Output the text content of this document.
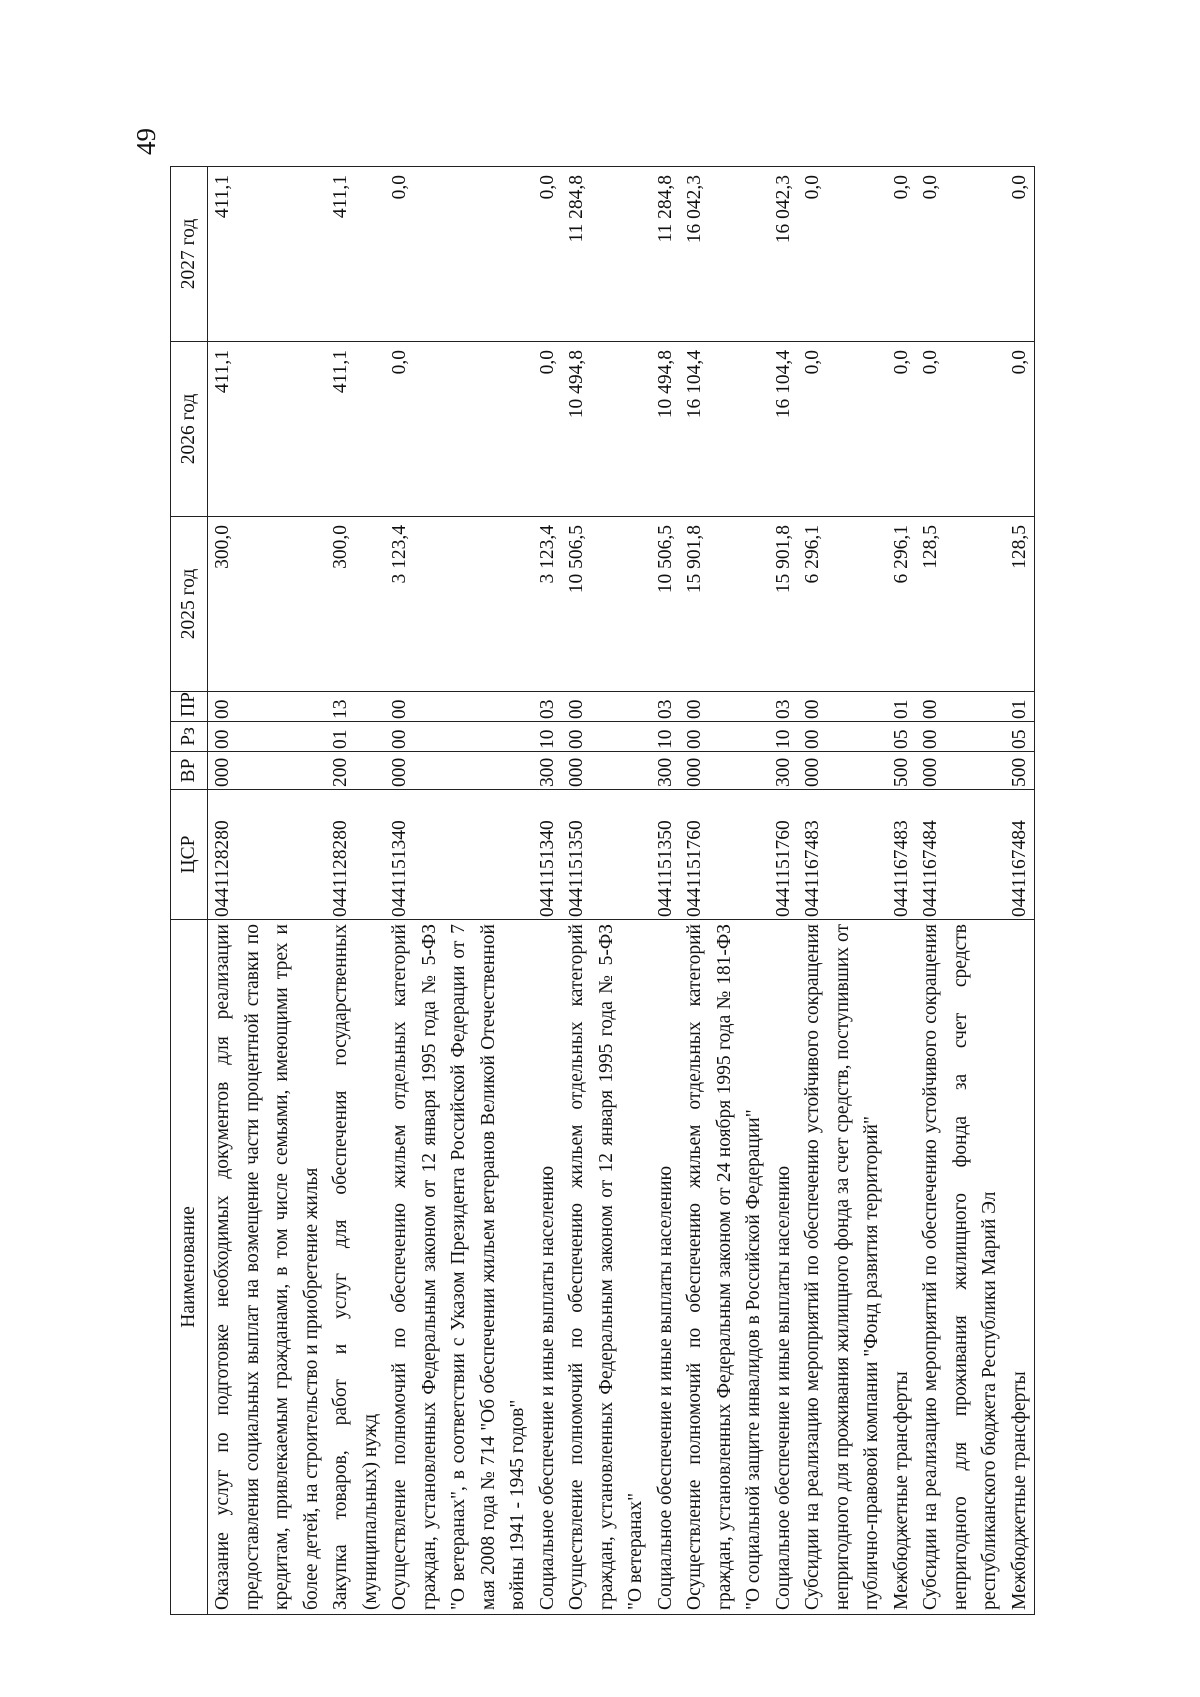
49
Наименование	ЦСР	ВР	Рз	ПР	2025 год	2026 год	2027 год
Оказание услуг по подготовке необходимых документов для реализации предоставления социальных выплат на возмещение части процентной ставки по кредитам, привлекаемым гражданами, в том числе семьями, имеющими трех и более детей, на строительство и приобретение жилья	0441128280	000	00	00	300,0	411,1	411,1
Закупка товаров, работ и услуг для обеспечения государственных (муниципальных) нужд	0441128280	200	01	13	300,0	411,1	411,1
Осуществление полномочий по обеспечению жильем отдельных категорий граждан, установленных Федеральным законом от 12 января 1995 года № 5-ФЗ "О ветеранах", в соответствии с Указом Президента Российской Федерации от 7 мая 2008 года № 714 "Об обеспечении жильем ветеранов Великой Отечественной войны 1941 - 1945 годов"	0441151340	000	00	00	3 123,4	0,0	0,0
Социальное обеспечение и иные выплаты населению	0441151340	300	10	03	3 123,4	0,0	0,0
Осуществление полномочий по обеспечению жильем отдельных категорий граждан, установленных Федеральным законом от 12 января 1995 года № 5-ФЗ "О ветеранах"	0441151350	000	00	00	10 506,5	10 494,8	11 284,8
Социальное обеспечение и иные выплаты населению	0441151350	300	10	03	10 506,5	10 494,8	11 284,8
Осуществление полномочий по обеспечению жильем отдельных категорий граждан, установленных Федеральным законом от 24 ноября 1995 года № 181-ФЗ "О социальной защите инвалидов в Российской Федерации"	0441151760	000	00	00	15 901,8	16 104,4	16 042,3
Социальное обеспечение и иные выплаты населению	0441151760	300	10	03	15 901,8	16 104,4	16 042,3
Субсидии на реализацию мероприятий по обеспечению устойчивого сокращения непригодного для проживания жилищного фонда за счет средств, поступивших от публично-правовой компании "Фонд развития территорий"	0441167483	000	00	00	6 296,1	0,0	0,0
Межбюджетные трансферты	0441167483	500	05	01	6 296,1	0,0	0,0
Субсидии на реализацию мероприятий по обеспечению устойчивого сокращения непригодного для проживания жилищного фонда за счет средств республиканского бюджета Республики Марий Эл	0441167484	000	00	00	128,5	0,0	0,0
Межбюджетные трансферты	0441167484	500	05	01	128,5	0,0	0,0
